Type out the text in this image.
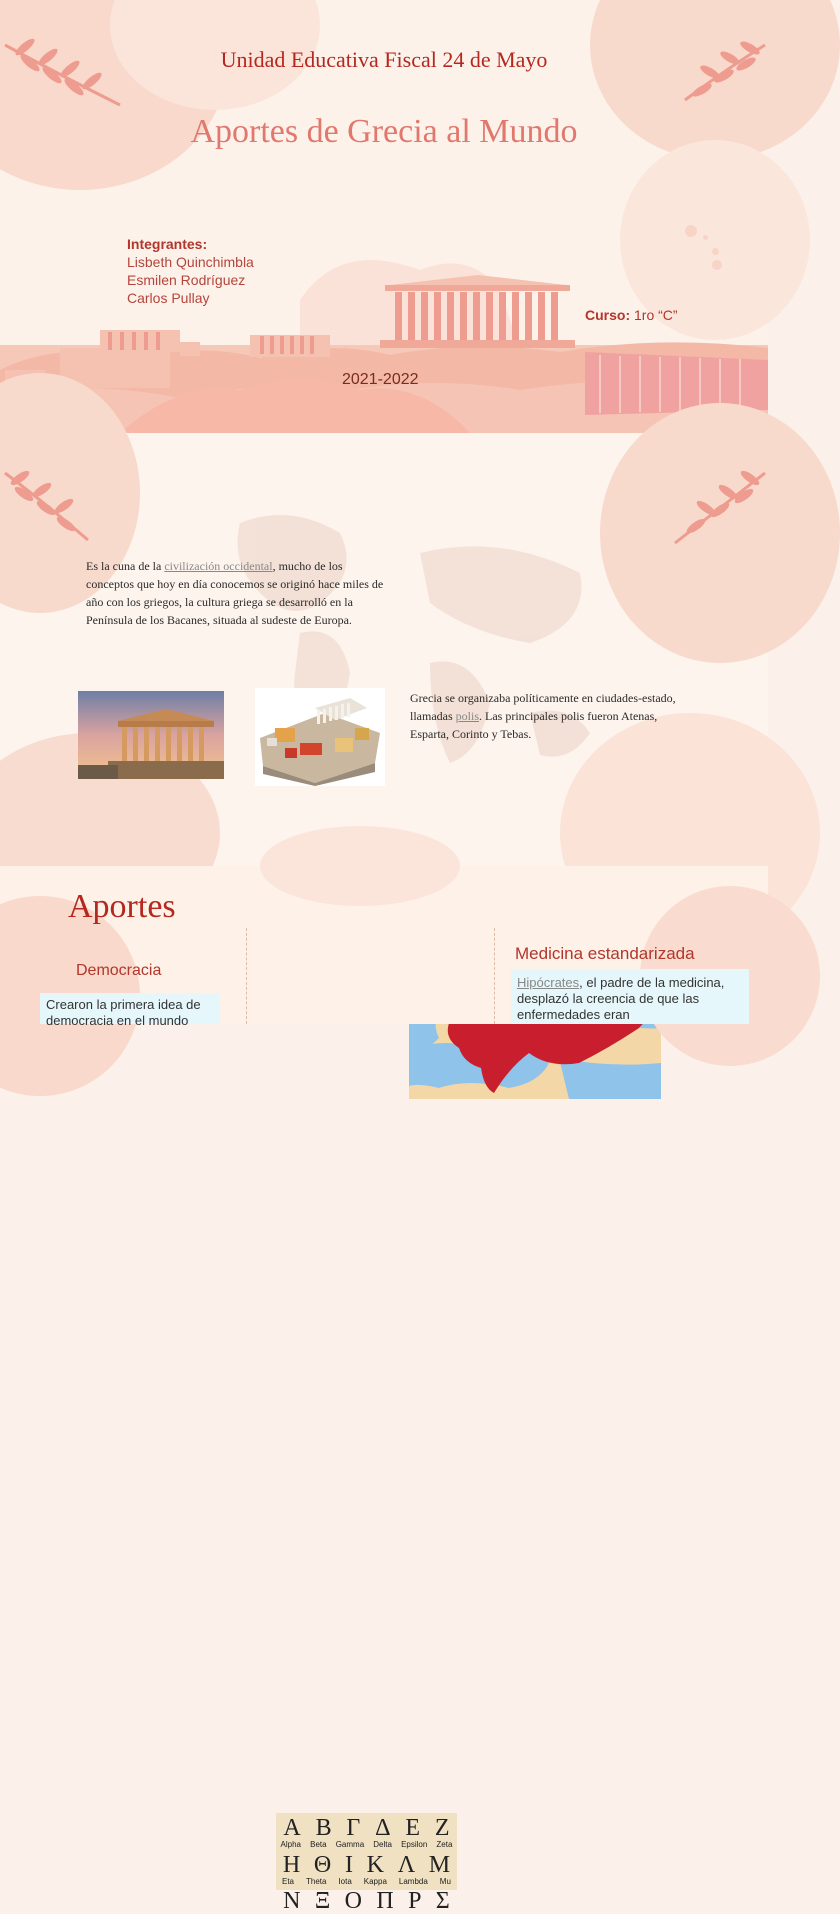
Unidad Educativa Fiscal 24 de Mayo
Aportes de Grecia al Mundo
Integrantes:
Lisbeth Quinchimbla
Esmilen Rodríguez
Carlos Pullay
Curso: 1ro “C”
2021-2022
Es la cuna de la civilización occidental, mucho de los conceptos que hoy en día conocemos se originó hace miles de año con los griegos, la cultura griega se desarrolló en la Península de los Bacanes, situada al sudeste de Europa.
Grecia se organizaba políticamente en ciudades-estado, llamadas polis. Las principales polis fueron Atenas, Esparta, Corinto y Tebas.
Aportes
Democracia
Crearon la primera idea de democracia en el mundo
Α Β Γ Δ Ε Ζ
Alpha Beta Gamma Delta Epsilon Zeta
Η Θ Ι Κ Λ Μ
Eta Theta Iota Kappa Lambda Mu
Ν Ξ Ο Π Ρ Σ
Medicina estandarizada
Hipócrates, el padre de la medicina, desplazó la creencia de que las enfermedades eran
